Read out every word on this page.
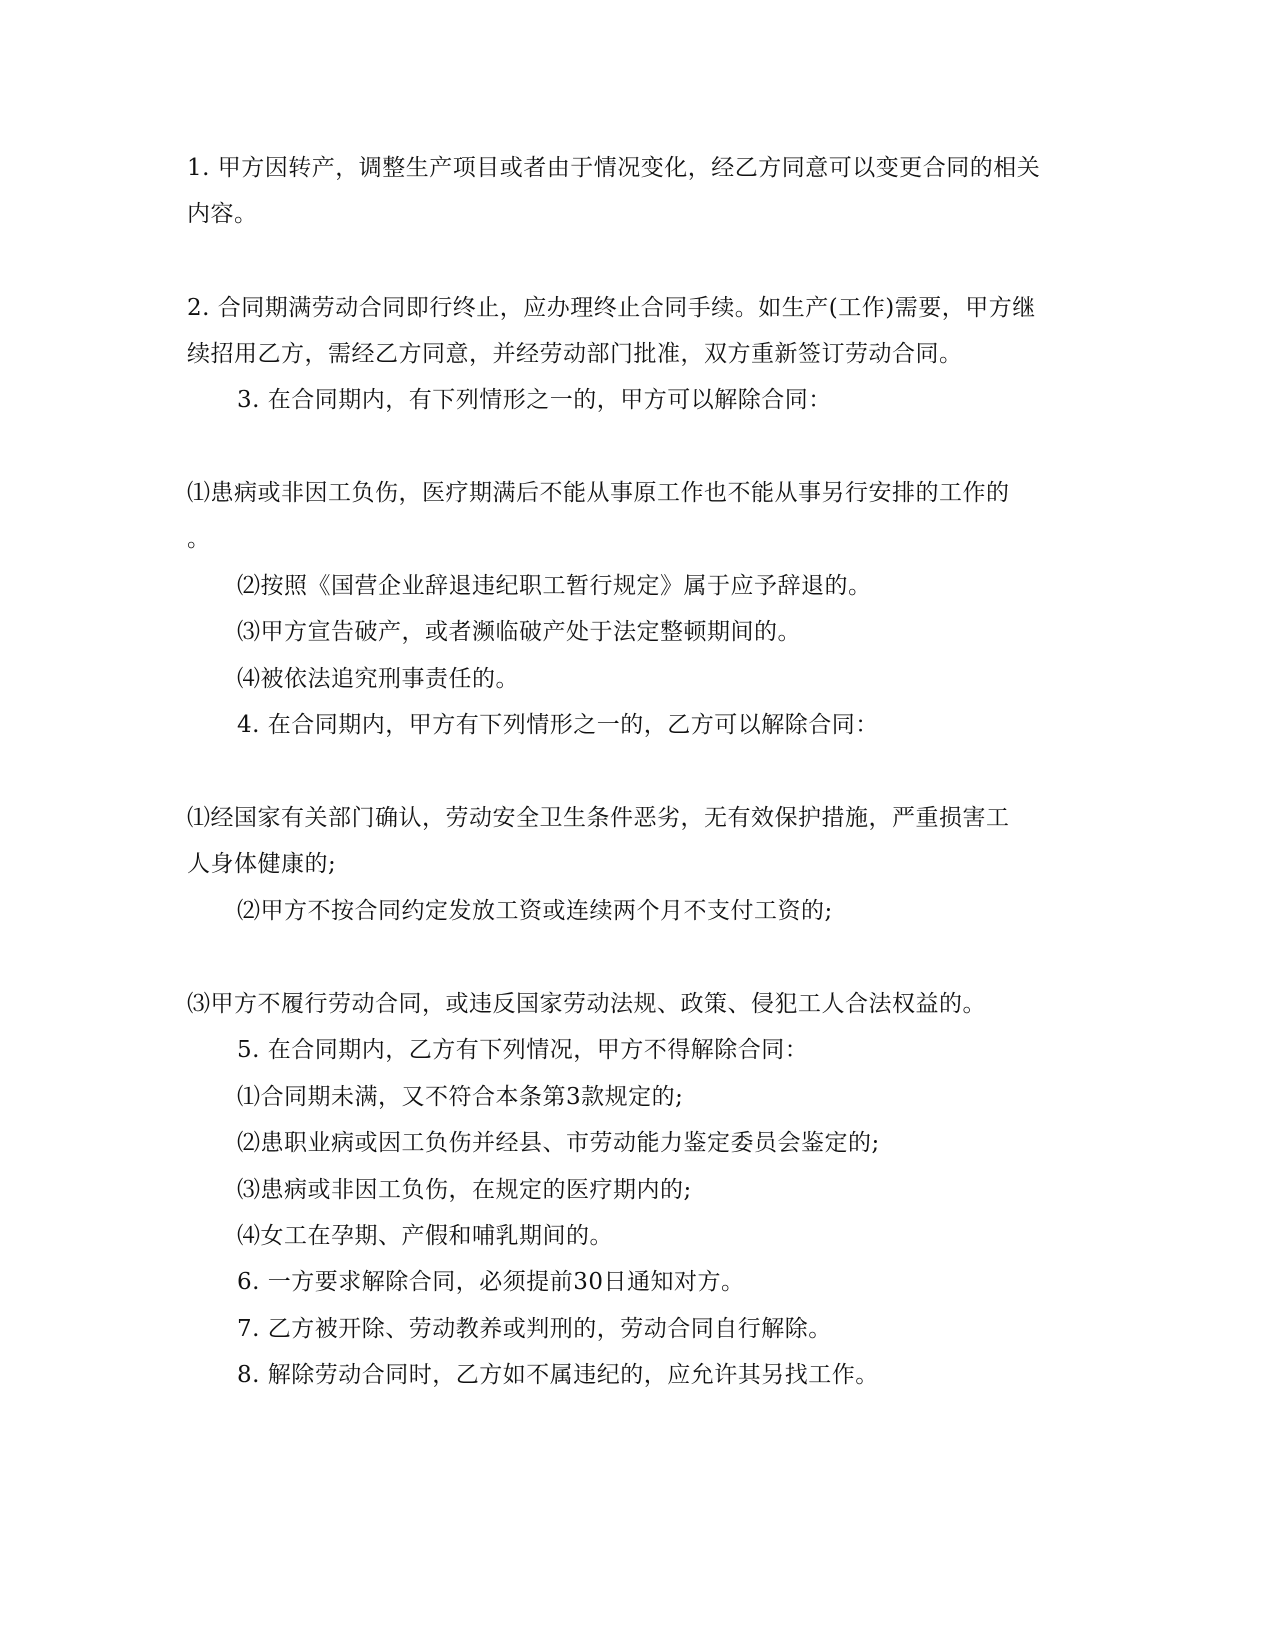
1. 甲方因转产，调整生产项目或者由于情况变化，经乙方同意可以变更合同的相关
内容。
2. 合同期满劳动合同即行终止，应办理终止合同手续。如生产(工作)需要，甲方继
续招用乙方，需经乙方同意，并经劳动部门批准，双方重新签订劳动合同。
3. 在合同期内，有下列情形之一的，甲方可以解除合同：
⑴患病或非因工负伤，医疗期满后不能从事原工作也不能从事另行安排的工作的
。
⑵按照《国营企业辞退违纪职工暂行规定》属于应予辞退的。
⑶甲方宣告破产，或者濒临破产处于法定整顿期间的。
⑷被依法追究刑事责任的。
4. 在合同期内，甲方有下列情形之一的，乙方可以解除合同：
⑴经国家有关部门确认，劳动安全卫生条件恶劣，无有效保护措施，严重损害工
人身体健康的;
⑵甲方不按合同约定发放工资或连续两个月不支付工资的;
⑶甲方不履行劳动合同，或违反国家劳动法规、政策、侵犯工人合法权益的。
5. 在合同期内，乙方有下列情况，甲方不得解除合同：
⑴合同期未满，又不符合本条第3款规定的;
⑵患职业病或因工负伤并经县、市劳动能力鉴定委员会鉴定的;
⑶患病或非因工负伤，在规定的医疗期内的;
⑷女工在孕期、产假和哺乳期间的。
6. 一方要求解除合同，必须提前30日通知对方。
7. 乙方被开除、劳动教养或判刑的，劳动合同自行解除。
8. 解除劳动合同时，乙方如不属违纪的，应允许其另找工作。
